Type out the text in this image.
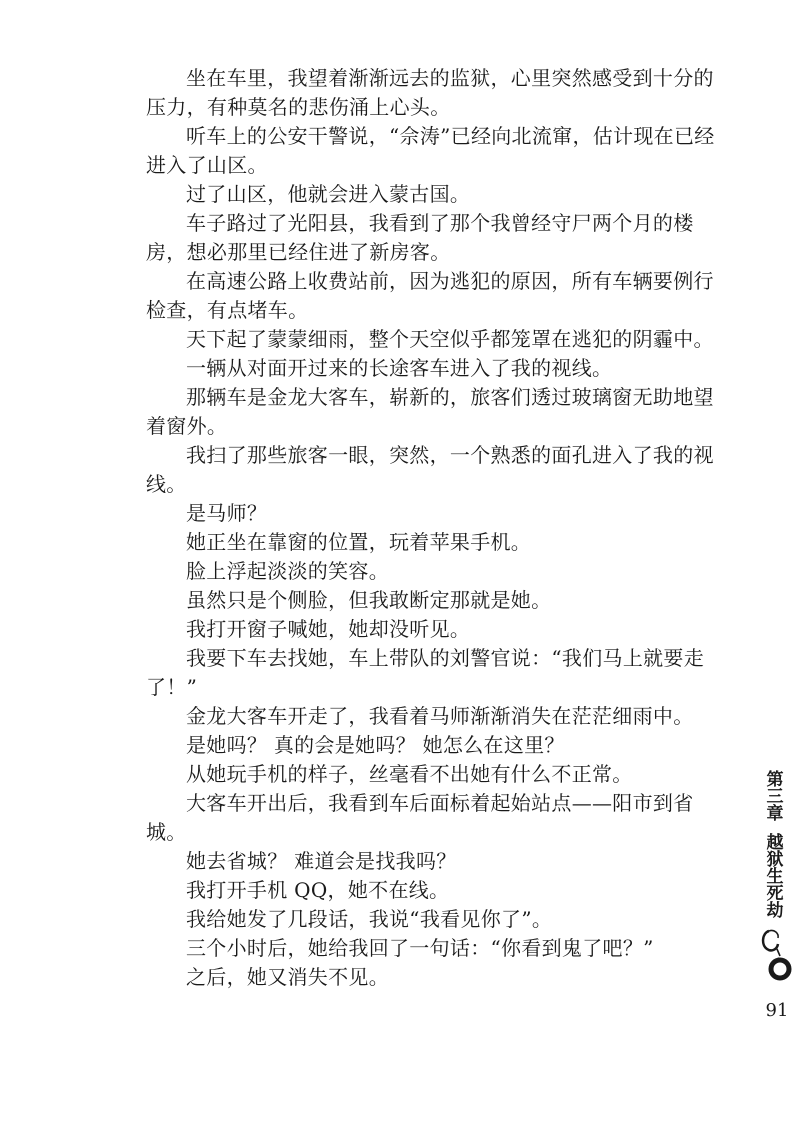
坐在车里，我望着渐渐远去的监狱，心里突然感受到十分的压力，有种莫名的悲伤涌上心头。

听车上的公安干警说，“佘涛”已经向北流窜，估计现在已经进入了山区。

过了山区，他就会进入蒙古国。

车子路过了光阳县，我看到了那个我曾经守尸两个月的楼房，想必那里已经住进了新房客。

在高速公路上收费站前，因为逃犯的原因，所有车辆要例行检查，有点堵车。

天下起了蒙蒙细雨，整个天空似乎都笼罩在逃犯的阴霾中。

一辆从对面开过来的长途客车进入了我的视线。

那辆车是金龙大客车，崭新的，旅客们透过玻璃窗无助地望着窗外。

我扫了那些旅客一眼，突然，一个熟悉的面孔进入了我的视线。

是马师？

她正坐在靠窗的位置，玩着苹果手机。

脸上浮起淡淡的笑容。

虽然只是个侧脸，但我敢断定那就是她。

我打开窗子喊她，她却没听见。

我要下车去找她，车上带队的刘警官说：“我们马上就要走了！”

金龙大客车开走了，我看着马师渐渐消失在茫茫细雨中。

是她吗？ 真的会是她吗？ 她怎么在这里？

从她玩手机的样子，丝毫看不出她有什么不正常。

大客车开出后，我看到车后面标着起始站点——阳市到省城。

她去省城？ 难道会是找我吗？

我打开手机 QQ，她不在线。

我给她发了几段话，我说“我看见你了”。

三个小时后，她给我回了一句话：“你看到鬼了吧？”

之后，她又消失不见。

第三章
越狱生死劫
91
